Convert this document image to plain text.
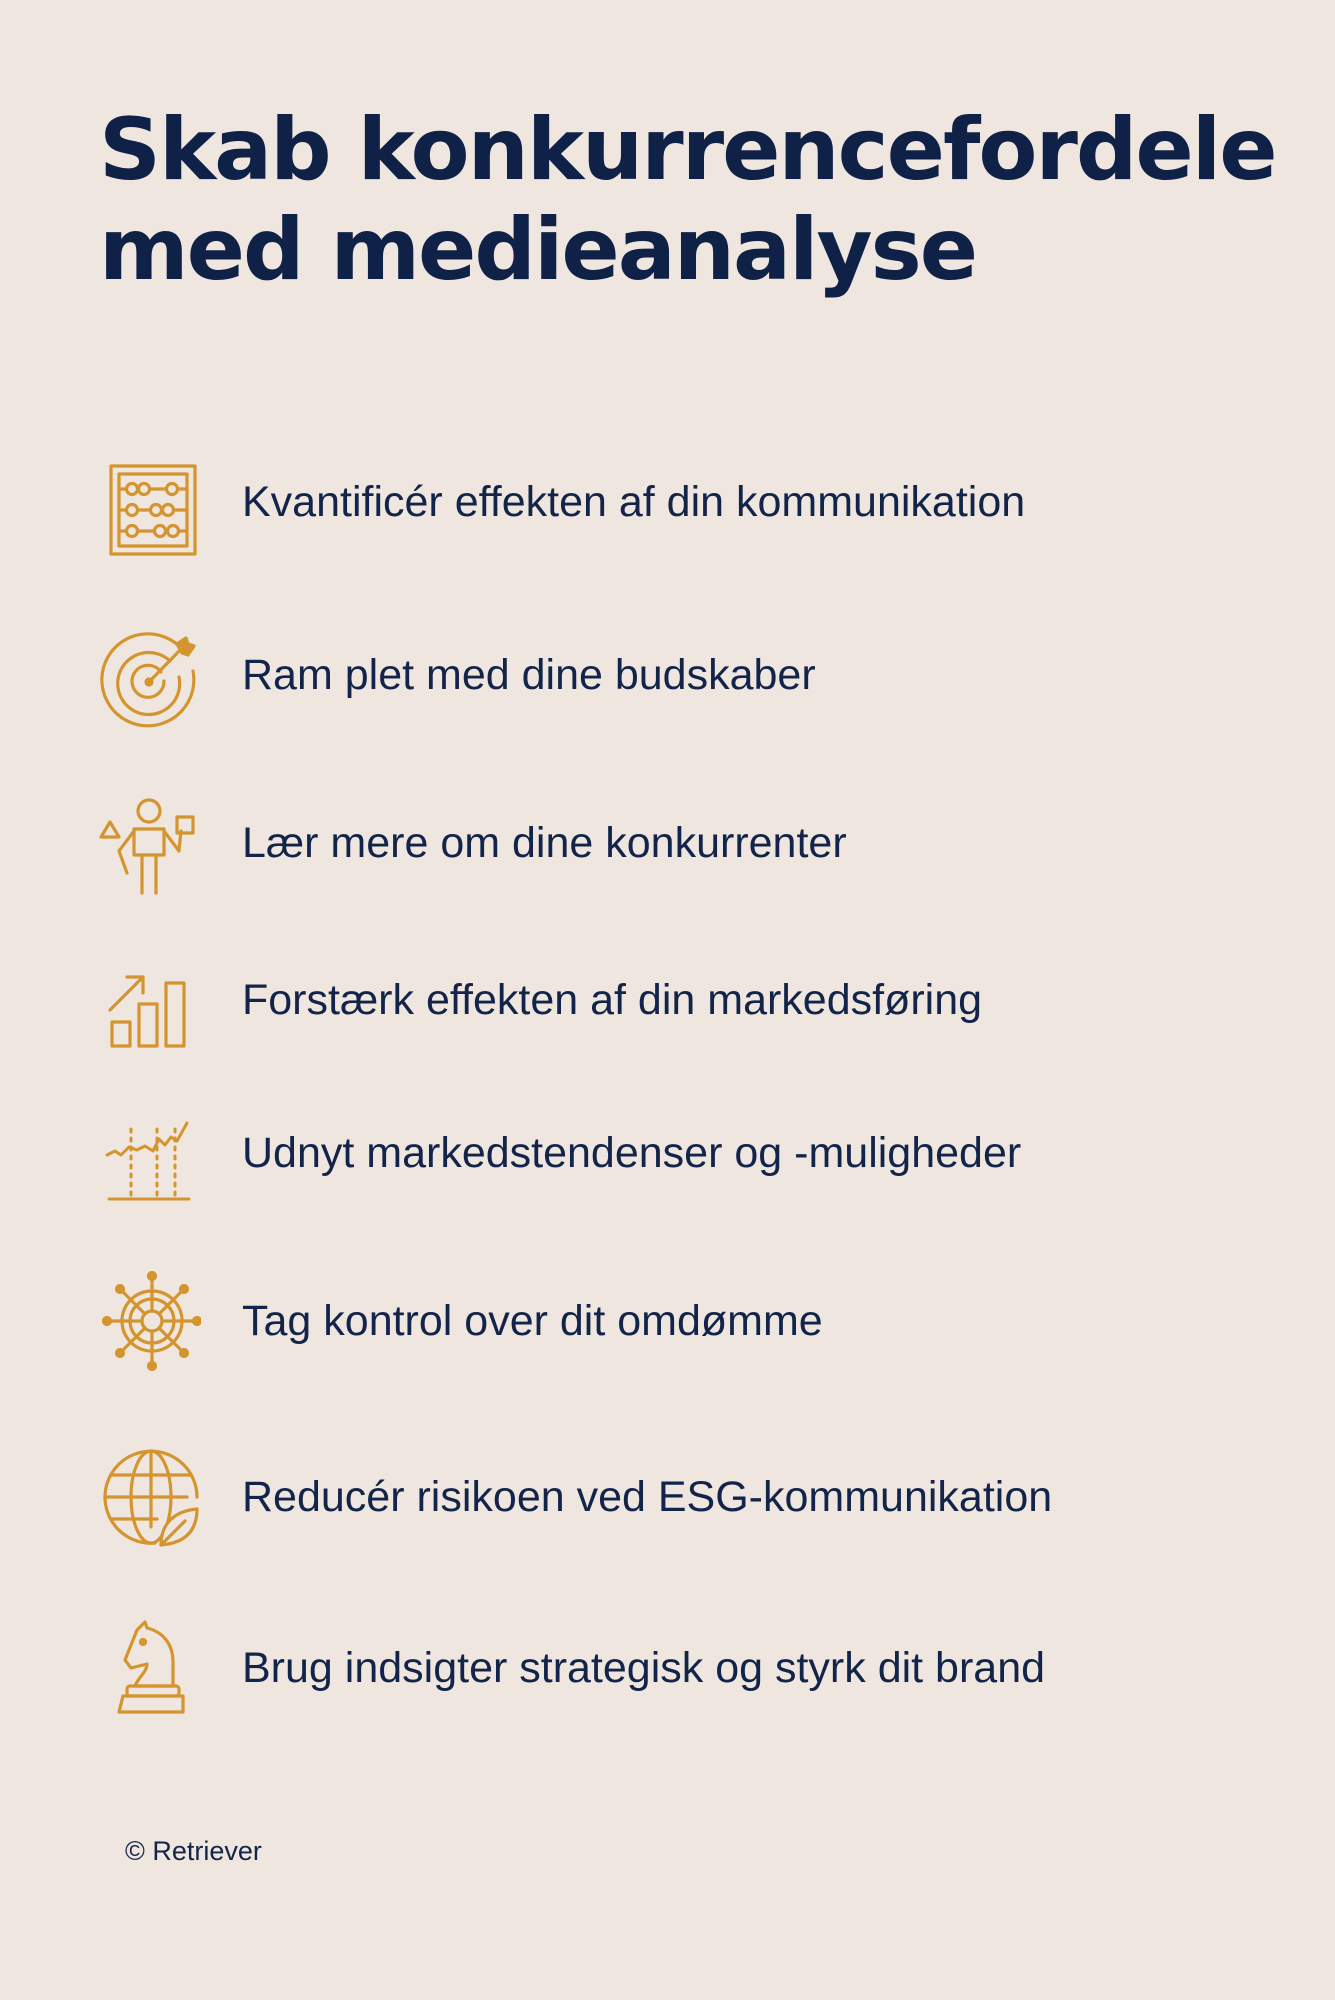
Skab konkurrencefordele
med medieanalyse
Kvantificér effekten af din kommunikation
Ram plet med dine budskaber
Lær mere om dine konkurrenter
Forstærk effekten af din markedsføring
Udnyt markedstendenser og -muligheder
Tag kontrol over dit omdømme
Reducér risikoen ved ESG-kommunikation
Brug indsigter strategisk og styrk dit brand
© Retriever
